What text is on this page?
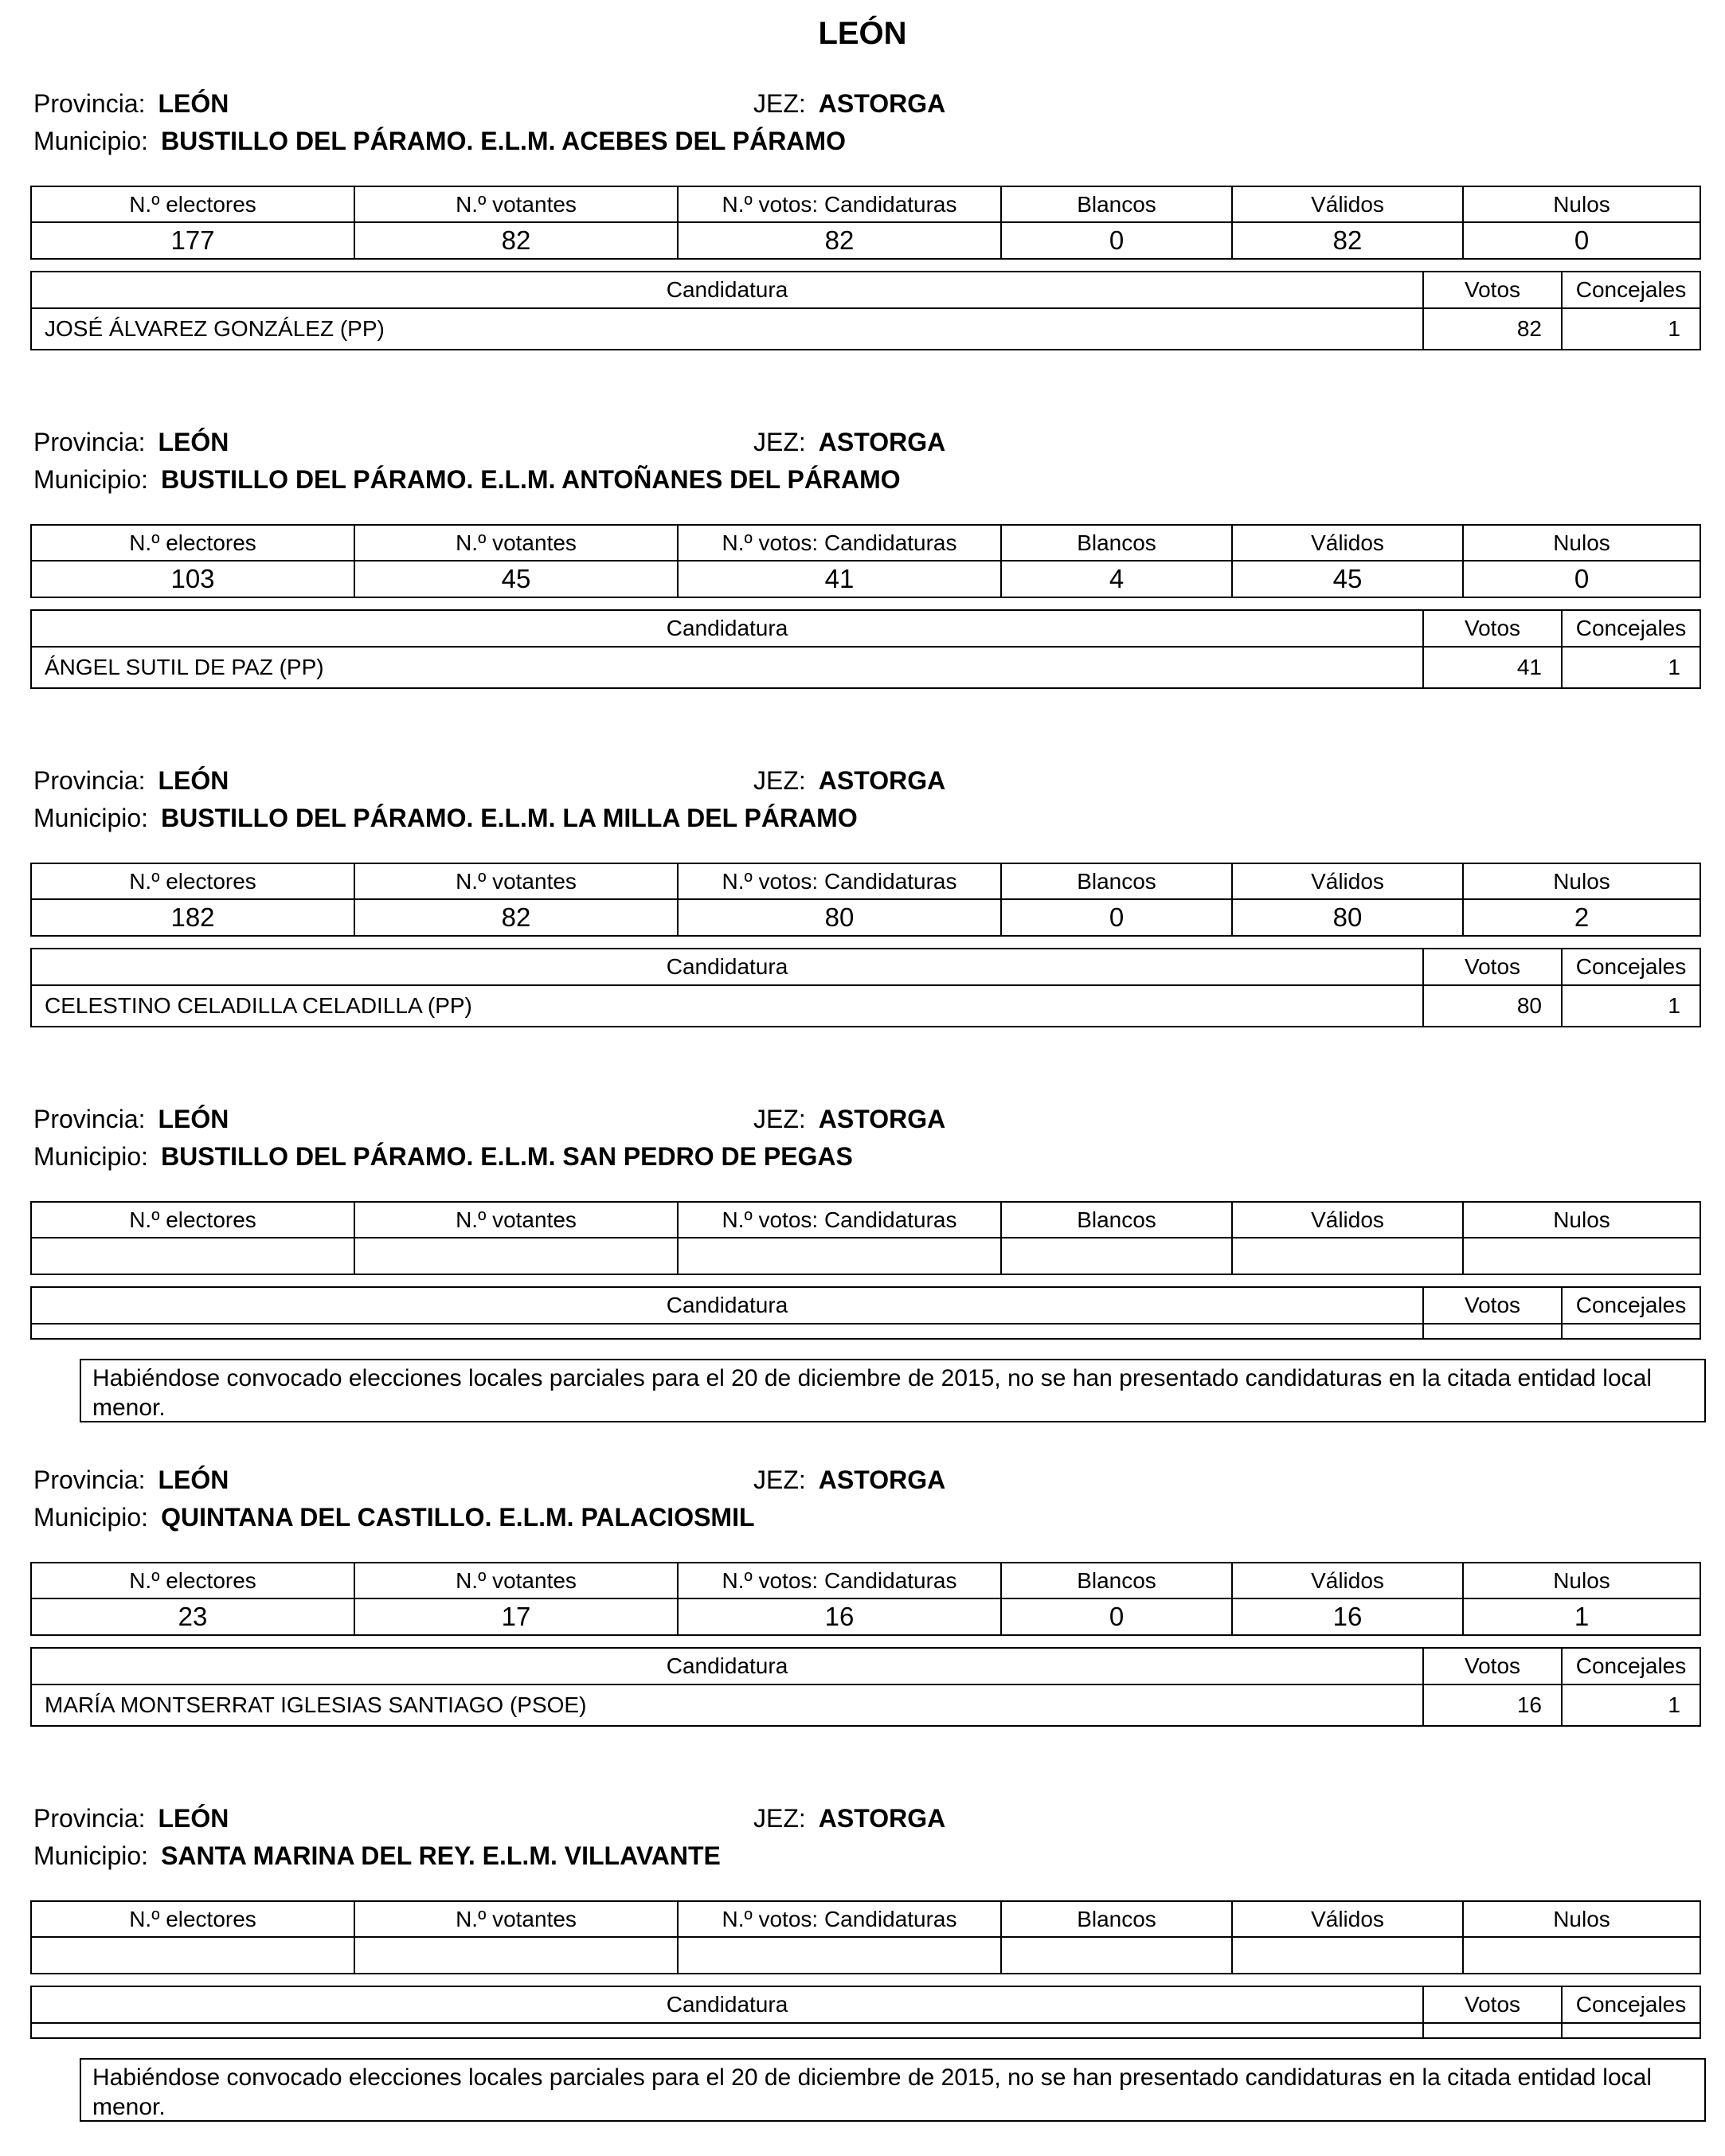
LEÓN
Provincia: LEÓN	JEZ: ASTORGA
Municipio: BUSTILLO DEL PÁRAMO. E.L.M. ACEBES DEL PÁRAMO
N.º electores	N.º votantes	N.º votos: Candidaturas	Blancos	Válidos	Nulos
177	82	82	0	82	0
Candidatura	Votos	Concejales
JOSÉ ÁLVAREZ GONZÁLEZ (PP)	82	1
Provincia: LEÓN	JEZ: ASTORGA
Municipio: BUSTILLO DEL PÁRAMO. E.L.M. ANTOÑANES DEL PÁRAMO
N.º electores	N.º votantes	N.º votos: Candidaturas	Blancos	Válidos	Nulos
103	45	41	4	45	0
Candidatura	Votos	Concejales
ÁNGEL SUTIL DE PAZ (PP)	41	1
Provincia: LEÓN	JEZ: ASTORGA
Municipio: BUSTILLO DEL PÁRAMO. E.L.M. LA MILLA DEL PÁRAMO
N.º electores	N.º votantes	N.º votos: Candidaturas	Blancos	Válidos	Nulos
182	82	80	0	80	2
Candidatura	Votos	Concejales
CELESTINO CELADILLA CELADILLA (PP)	80	1
Provincia: LEÓN	JEZ: ASTORGA
Municipio: BUSTILLO DEL PÁRAMO. E.L.M. SAN PEDRO DE PEGAS
N.º electores	N.º votantes	N.º votos: Candidaturas	Blancos	Válidos	Nulos

Candidatura	Votos	Concejales

Habiéndose convocado elecciones locales parciales para el 20 de diciembre de 2015, no se han presentado candidaturas en la citada entidad local menor.
Provincia: LEÓN	JEZ: ASTORGA
Municipio: QUINTANA DEL CASTILLO. E.L.M. PALACIOSMIL
N.º electores	N.º votantes	N.º votos: Candidaturas	Blancos	Válidos	Nulos
23	17	16	0	16	1
Candidatura	Votos	Concejales
MARÍA MONTSERRAT IGLESIAS SANTIAGO (PSOE)	16	1
Provincia: LEÓN	JEZ: ASTORGA
Municipio: SANTA MARINA DEL REY. E.L.M. VILLAVANTE
N.º electores	N.º votantes	N.º votos: Candidaturas	Blancos	Válidos	Nulos

Candidatura	Votos	Concejales

Habiéndose convocado elecciones locales parciales para el 20 de diciembre de 2015, no se han presentado candidaturas en la citada entidad local menor.
